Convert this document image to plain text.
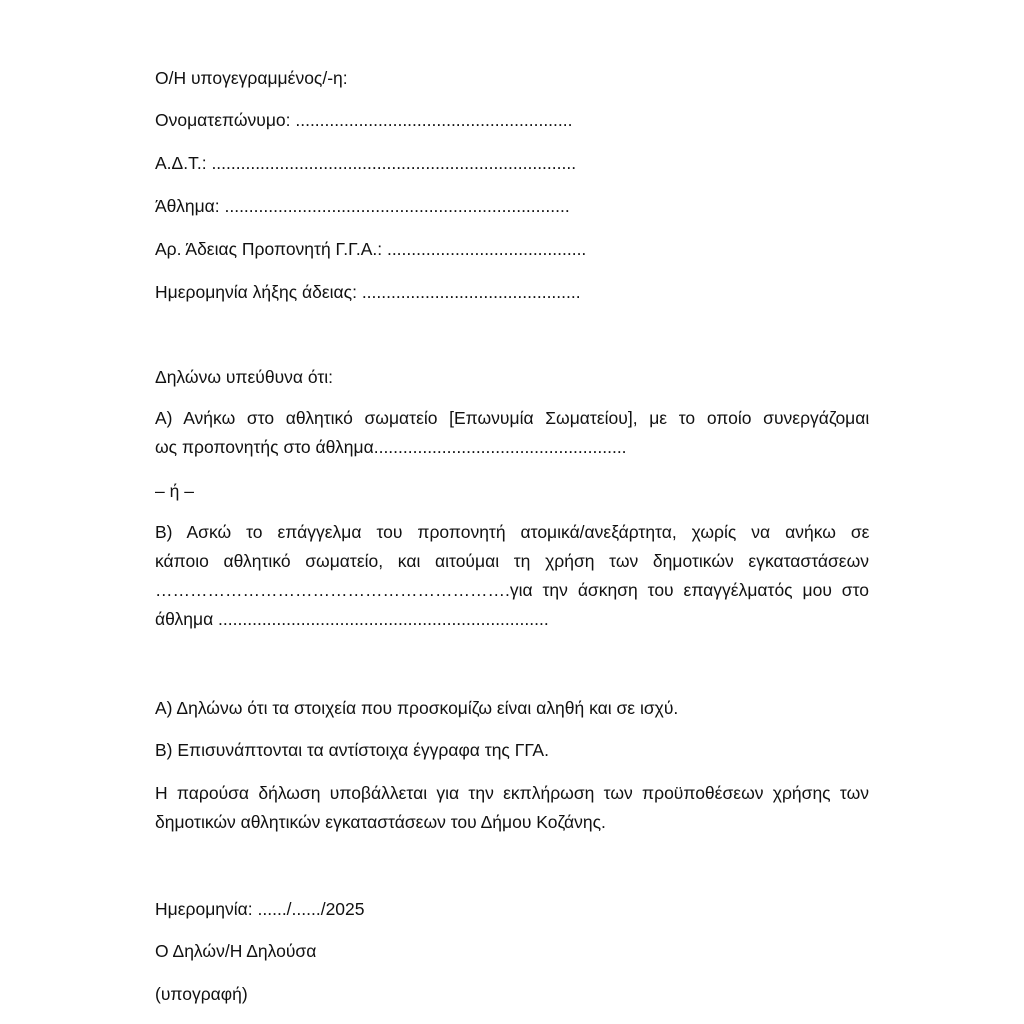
Ο/Η υπογεγραμμένος/-η:
Ονοματεπώνυμο: .........................................................
Α.Δ.Τ.: ...........................................................................
Άθλημα: .......................................................................
Αρ. Άδειας Προπονητή Γ.Γ.Α.: .........................................
Ημερομηνία λήξης άδειας: .............................................
Δηλώνω υπεύθυνα ότι:
Α) Ανήκω στο αθλητικό σωματείο [Επωνυμία Σωματείου], με το οποίο συνεργάζομαι
ως προπονητής στο άθλημα....................................................
– ή –
Β) Ασκώ το επάγγελμα του προπονητή ατομικά/ανεξάρτητα, χωρίς να ανήκω σε
κάποιο αθλητικό σωματείο, και αιτούμαι τη χρήση των δημοτικών εγκαταστάσεων
…………………………………………………….για την άσκηση του επαγγέλματός μου στο
άθλημα ....................................................................
Α) Δηλώνω ότι τα στοιχεία που προσκομίζω είναι αληθή και σε ισχύ.
Β) Επισυνάπτονται τα αντίστοιχα έγγραφα της ΓΓΑ.
Η παρούσα δήλωση υποβάλλεται για την εκπλήρωση των προϋποθέσεων χρήσης των
δημοτικών αθλητικών εγκαταστάσεων του Δήμου Κοζάνης.
Ημερομηνία: ....../....../2025
Ο Δηλών/Η Δηλούσα
(υπογραφή)
